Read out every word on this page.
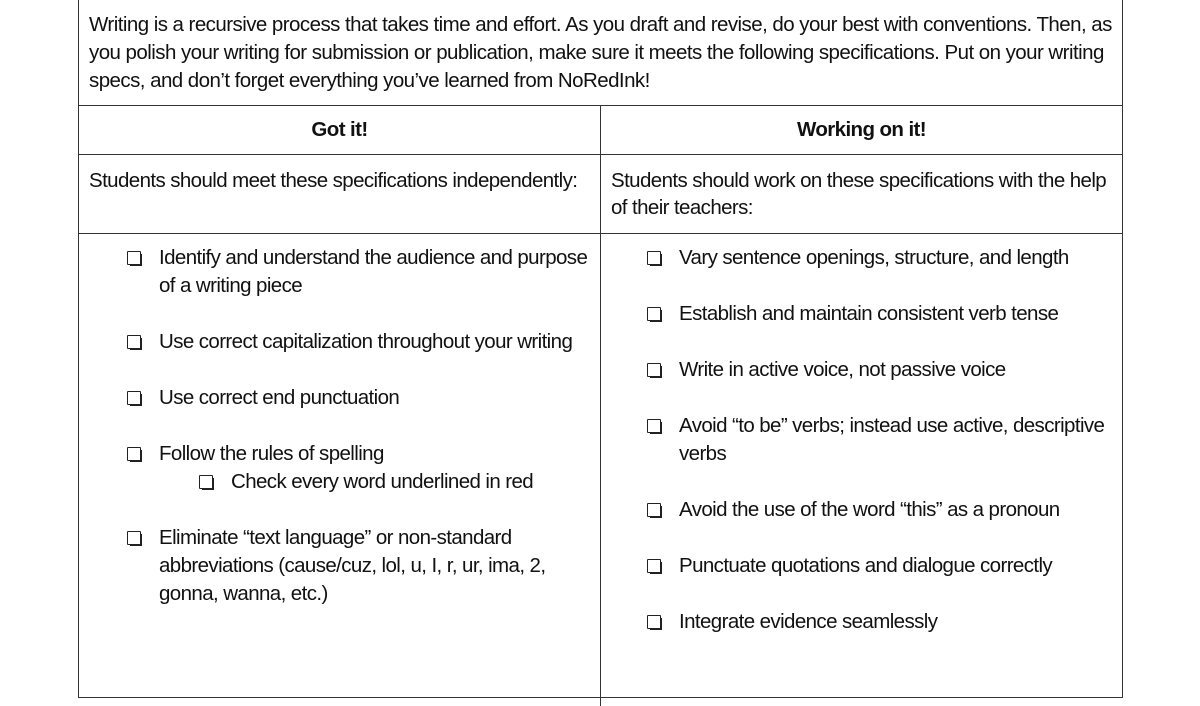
Writing is a recursive process that takes time and effort. As you draft and revise, do your best with conventions. Then, as you polish your writing for submission or publication, make sure it meets the following specifications. Put on your writing specs, and don’t forget everything you’ve learned from NoRedInk!
Got it!	Working on it!
Students should meet these specifications independently:	Students should work on these specifications with the help of their teachers:
Identify and understand the audience and purpose of a writing piece
Use correct capitalization throughout your writing
Use correct end punctuation
Follow the rules of spelling
Check every word underlined in red
Eliminate “text language” or non-standard abbreviations (cause/cuz, lol, u, I, r, ur, ima, 2, gonna, wanna, etc.)
Vary sentence openings, structure, and length
Establish and maintain consistent verb tense
Write in active voice, not passive voice
Avoid “to be” verbs; instead use active, descriptive verbs
Avoid the use of the word “this” as a pronoun
Punctuate quotations and dialogue correctly
Integrate evidence seamlessly
